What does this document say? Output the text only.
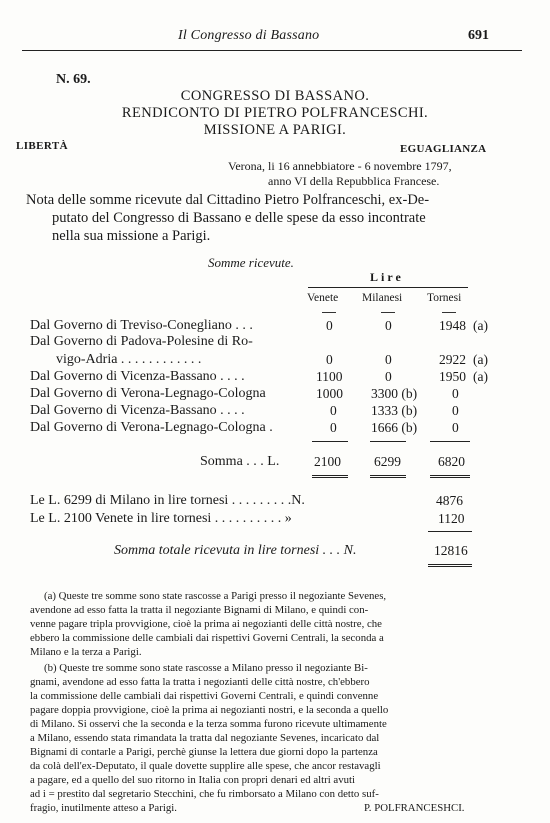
Il Congresso di Bassano	691
N. 69.
CONGRESSO DI BASSANO.
RENDICONTO DI PIETRO POLFRANCESCHI.
MISSIONE A PARIGI.
LIBERTÀ	EGUAGLIANZA
Verona, li 16 annebbiatore - 6 novembre 1797,
anno VI della Repubblica Francese.
Nota delle somme ricevute dal Cittadino Pietro Polfranceschi, ex-De-
putato del Congresso di Bassano e delle spese da esso incontrate
nella sua missione a Parigi.
Somme ricevute.
Lire
Venete Milanesi Tornesi
Dal Governo di Treviso-Conegliano . . .	0	0	1948 (a)
Dal Governo di Padova-Polesine di Ro-
vigo-Adria . . . . . . . . . . . .	0	0	2922 (a)
Dal Governo di Vicenza-Bassano . . . .	1100	0	1950 (a)
Dal Governo di Verona-Legnago-Cologna	1000 3300 (b)	0
Dal Governo di Vicenza-Bassano . . . .	0	1333 (b)	0
Dal Governo di Verona-Legnago-Cologna .	0	1666 (b)	0
Somma . . . L.	2100 6299	6820
Le L. 6299 di Milano in lire tornesi . . . . . . . . .N.	4876
Le L. 2100 Venete in lire tornesi . . . . . . . . . . »	1120
Somma totale ricevuta in lire tornesi . . . N.	12816
(a) Queste tre somme sono state rascosse a Parigi presso il negoziante Sevenes,
avendone ad esso fatta la tratta il negoziante Bignami di Milano, e quindi con-
venne pagare tripla provvigione, cioè la prima ai negozianti delle città nostre, che
ebbero la commissione delle cambiali dai rispettivi Governi Centrali, la seconda a
Milano e la terza a Parigi.
(b) Queste tre somme sono state rascosse a Milano presso il negoziante Bi-
gnami, avendone ad esso fatta la tratta i negozianti delle città nostre, ch'ebbero
la commissione delle cambiali dai rispettivi Governi Centrali, e quindi convenne
pagare doppia provvigione, cioè la prima ai negozianti nostri, e la seconda a quello
di Milano. Si osservi che la seconda e la terza somma furono ricevute ultimamente
a Milano, essendo stata rimandata la tratta dal negoziante Sevenes, incaricato dal
Bignami di contarle a Parigi, perchè giunse la lettera due giorni dopo la partenza
da colà dell'ex-Deputato, il quale dovette supplire alle spese, che ancor restavagli
a pagare, ed a quello del suo ritorno in Italia con propri denari ed altri avuti
ad i = prestito dal segretario Stecchini, che fu rimborsato a Milano con detto suf-
fragio, inutilmente atteso a Parigi.	P. POLFRANCESHCI.
